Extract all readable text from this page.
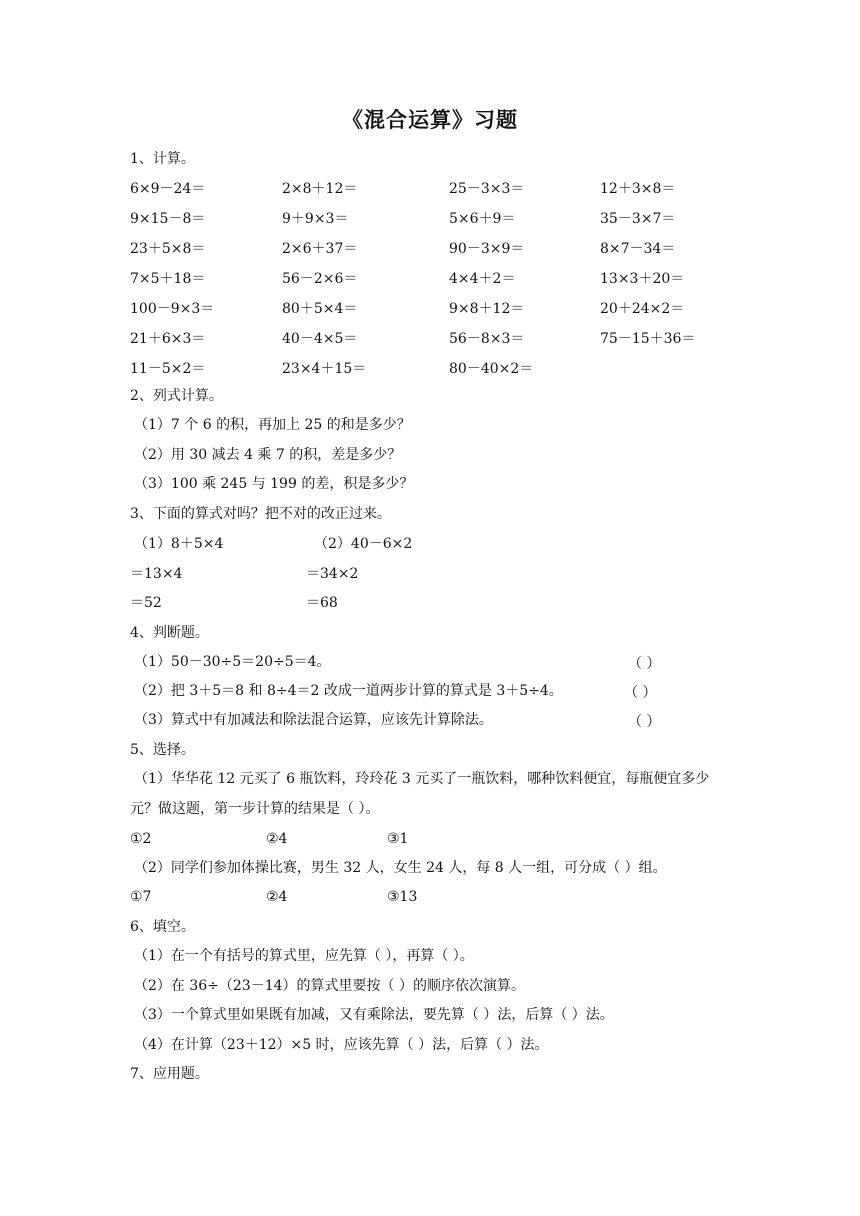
《混合运算》习题
1、计算。
6×9－24＝	2×8＋12＝	25－3×3＝	12＋3×8＝
9×15－8＝	9＋9×3＝	5×6＋9＝	35－3×7＝
23＋5×8＝	2×6＋37＝	90－3×9＝	8×7－34＝
7×5＋18＝	56－2×6＝	4×4＋2＝	13×3＋20＝
100－9×3＝	80＋5×4＝	9×8＋12＝	20＋24×2＝
21＋6×3＝	40－4×5＝	56－8×3＝	75－15＋36＝
11－5×2＝	23×4＋15＝	80－40×2＝
2、列式计算。
（1）7 个 6 的积，再加上 25 的和是多少？
（2）用 30 减去 4 乘 7 的积，差是多少？
（3）100 乘 245 与 199 的差，积是多少？
3、下面的算式对吗？把不对的改正过来。
（1）8＋5×4
＝13×4
＝52
（2）40－6×2
＝34×2
＝68
4、判断题。
（1）50－30÷5＝20÷5＝4。	（ ）
（2）把 3＋5＝8 和 8÷4＝2 改成一道两步计算的算式是 3＋5÷4。	（ ）
（3）算式中有加减法和除法混合运算，应该先计算除法。	（ ）
5、选择。
（1）华华花 12 元买了 6 瓶饮料，玲玲花 3 元买了一瓶饮料，哪种饮料便宜，每瓶便宜多少
元？做这题，第一步计算的结果是（ ）。
①2	②4	③1
（2）同学们参加体操比赛，男生 32 人，女生 24 人，每 8 人一组，可分成（ ）组。
①7	②4	③13
6、填空。
（1）在一个有括号的算式里，应先算（ ），再算（ ）。
（2）在 36÷（23－14）的算式里要按（ ）的顺序依次演算。
（3）一个算式里如果既有加减，又有乘除法，要先算（ ）法，后算（ ）法。
（4）在计算（23＋12）×5 时，应该先算（ ）法，后算（ ）法。
7、应用题。
